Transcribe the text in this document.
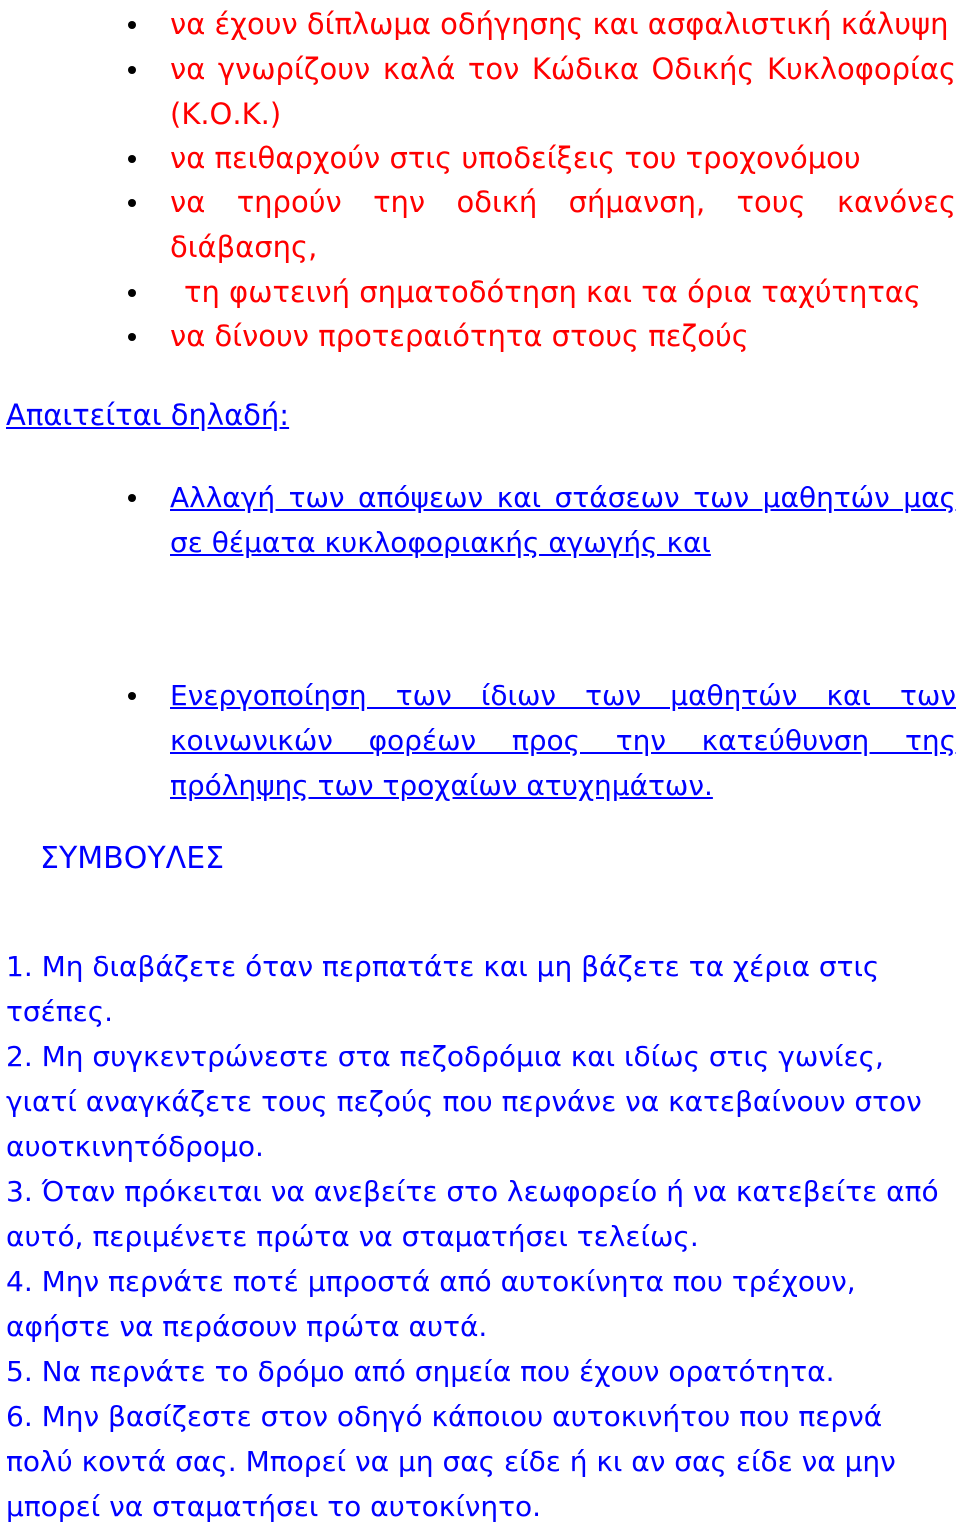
να έχουν δίπλωμα οδήγησης και ασφαλιστική κάλυψη
να γνωρίζουν καλά τον Κώδικα Οδικής Κυκλοφορίας
(Κ.Ο.Κ.)
να πειθαρχούν στις υποδείξεις του τροχονόμου
να τηρούν την οδική σήμανση, τους κανόνες
διάβασης,
τη φωτεινή σηματοδότηση και τα όρια ταχύτητας
να δίνουν προτεραιότητα στους πεζούς
Απαιτείται δηλαδή:
Αλλαγή των απόψεων και στάσεων των μαθητών μας
σε θέματα κυκλοφοριακής αγωγής και
Ενεργοποίηση των ίδιων των μαθητών και των
κοινωνικών φορέων προς την κατεύθυνση της
πρόληψης των τροχαίων ατυχημάτων.
ΣΥΜΒΟΥΛΕΣ

1. Μη διαβάζετε όταν περπατάτε και μη βάζετε τα χέρια στις
τσέπες.

2. Μη συγκεντρώνεστε στα πεζοδρόμια και ιδίως στις γωνίες,
γιατί αναγκάζετε τους πεζούς που περνάνε να κατεβαίνουν στον
αυοτκινητόδρομο.

3. Όταν πρόκειται να ανεβείτε στο λεωφορείο ή να κατεβείτε από
αυτό, περιμένετε πρώτα να σταματήσει τελείως.

4. Μην περνάτε ποτέ μπροστά από αυτοκίνητα που τρέχουν,
αφήστε να περάσουν πρώτα αυτά.

5. Να περνάτε το δρόμο από σημεία που έχουν ορατότητα.

6. Μην βασίζεστε στον οδηγό κάποιου αυτοκινήτου που περνά
πολύ κοντά σας. Μπορεί να μη σας είδε ή κι αν σας είδε να μην
μπορεί να σταματήσει το αυτοκίνητο.
